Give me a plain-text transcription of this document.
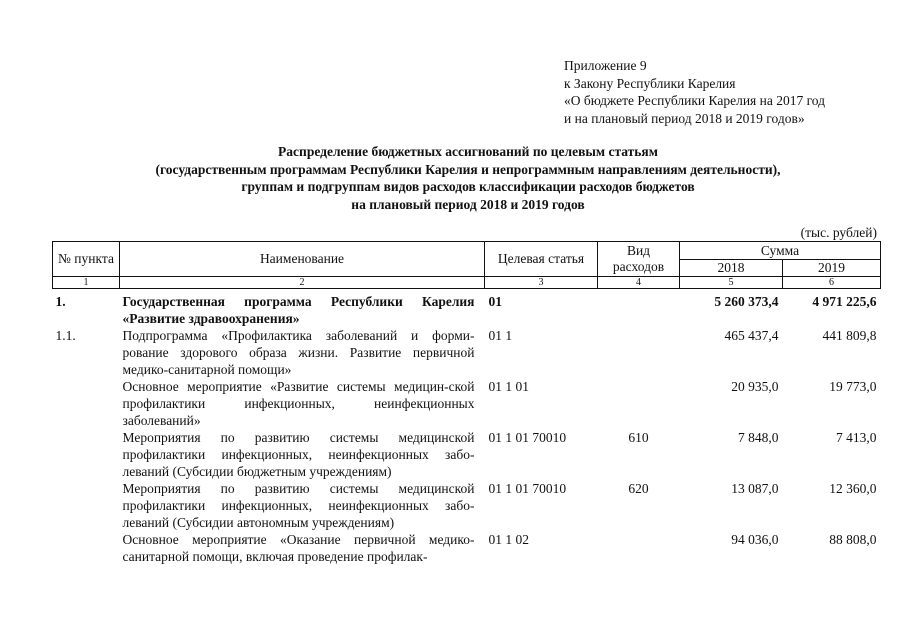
Приложение 9
к Закону Республики Карелия
«О бюджете Республики Карелия на 2017 год
и на плановый период 2018 и 2019 годов»
Распределение бюджетных ассигнований по целевым статьям
(государственным программам Республики Карелия и непрограммным направлениям деятельности),
группам и подгруппам видов расходов классификации расходов бюджетов
на плановый период 2018 и 2019 годов
(тыс. рублей)
№ пункта	Наименование	Целевая статья	Вид расходов	Сумма	
				2018	2019
1	2	3	4	5	6
1.	Государственная программа Республики Карелия «Развитие здравоохранения»	01		5 260 373,4	4 971 225,6
1.1.	Подпрограмма «Профилактика заболеваний и форми-рование здорового образа жизни. Развитие первичной медико-санитарной помощи»	01 1		465 437,4	441 809,8
	Основное мероприятие «Развитие системы медицин-ской профилактики инфекционных, неинфекционных заболеваний»	01 1 01		20 935,0	19 773,0
	Мероприятия по развитию системы медицинской профилактики инфекционных, неинфекционных забо-леваний (Субсидии бюджетным учреждениям)	01 1 01 70010	610	7 848,0	7 413,0
	Мероприятия по развитию системы медицинской профилактики инфекционных, неинфекционных забо-леваний (Субсидии автономным учреждениям)	01 1 01 70010	620	13 087,0	12 360,0
	Основное мероприятие «Оказание первичной медико-санитарной помощи, включая проведение профилак-	01 1 02		94 036,0	88 808,0
